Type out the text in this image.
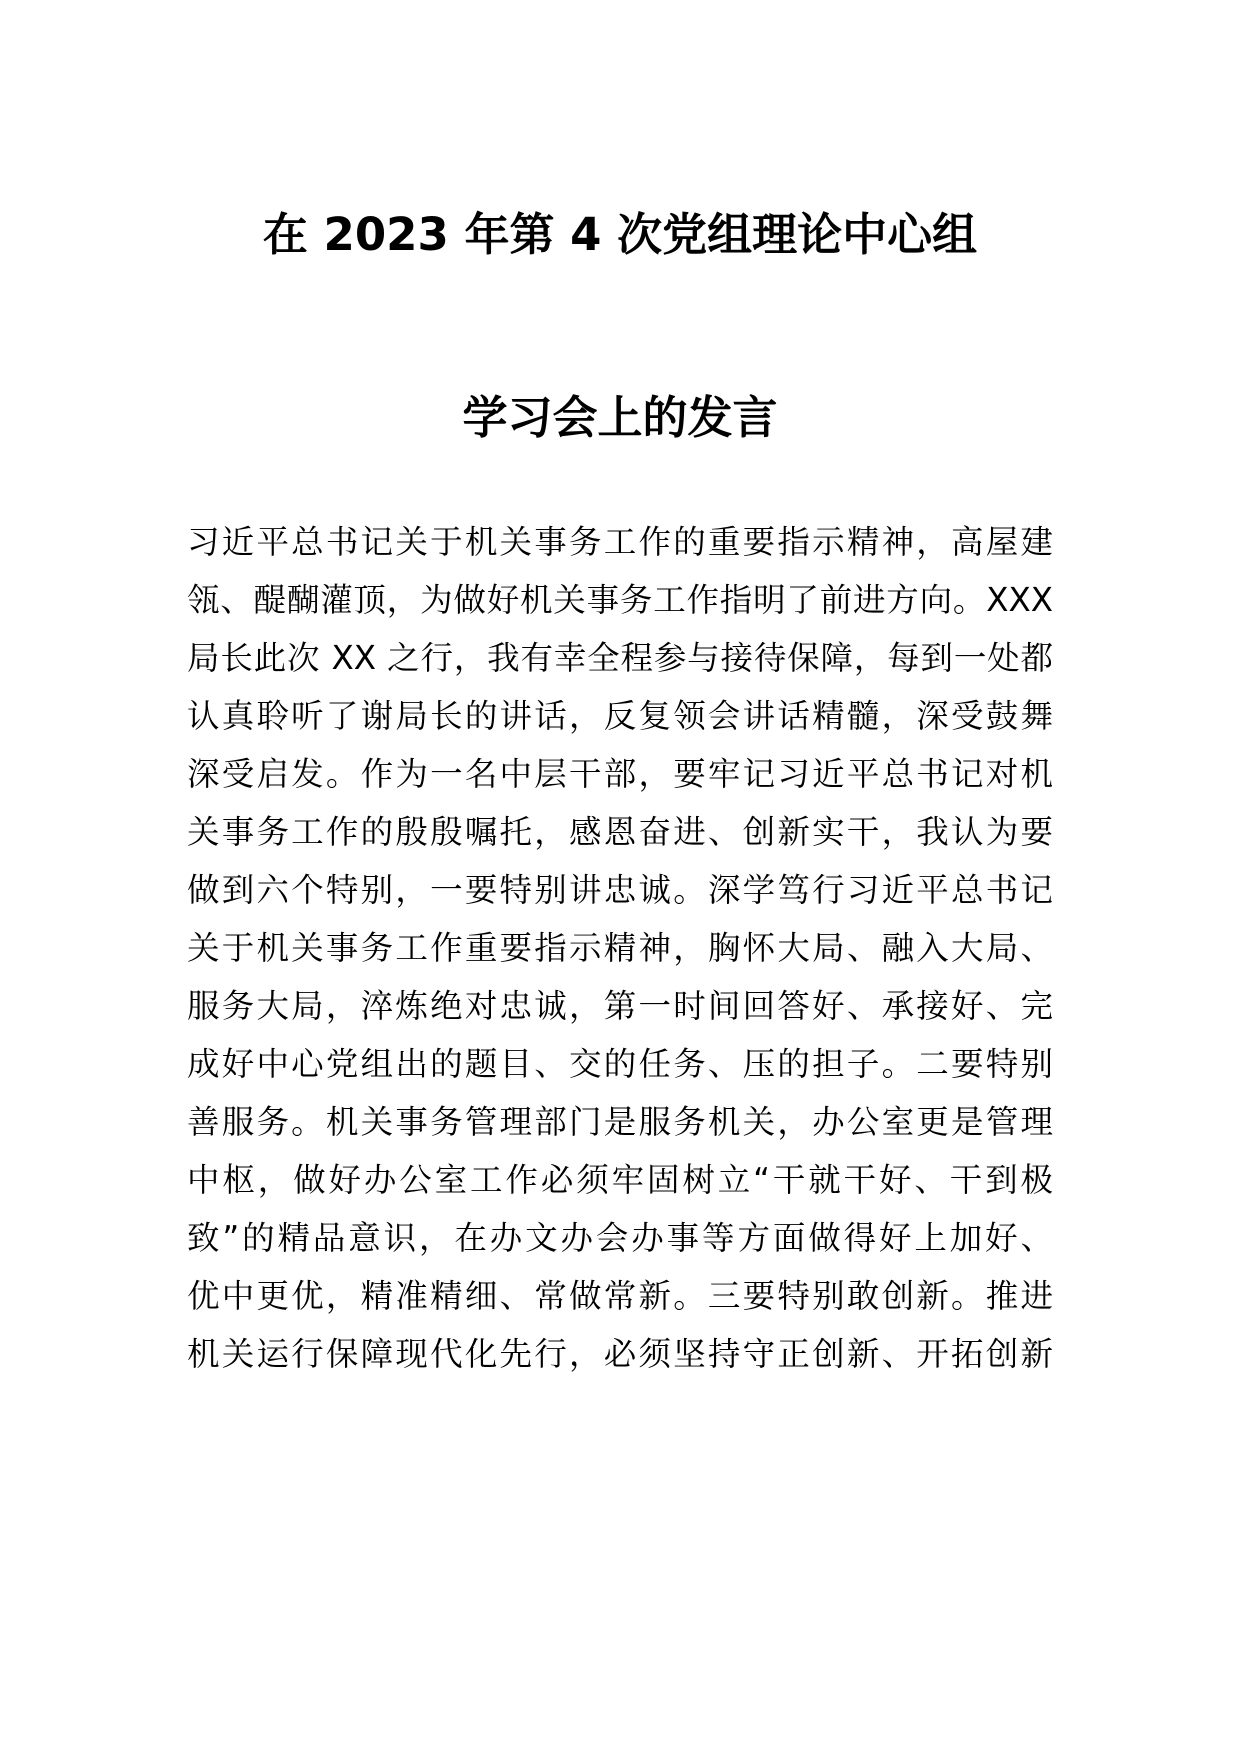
在 2023 年第 4 次党组理论中心组
学习会上的发言
习近平总书记关于机关事务工作的重要指示精神，高屋建
瓴、醍醐灌顶，为做好机关事务工作指明了前进方向。XXX
局长此次 XX 之行，我有幸全程参与接待保障，每到一处都
认真聆听了谢局长的讲话，反复领会讲话精髓，深受鼓舞
深受启发。作为一名中层干部，要牢记习近平总书记对机
关事务工作的殷殷嘱托，感恩奋进、创新实干，我认为要
做到六个特别，一要特别讲忠诚。深学笃行习近平总书记
关于机关事务工作重要指示精神，胸怀大局、融入大局、
服务大局，淬炼绝对忠诚，第一时间回答好、承接好、完
成好中心党组出的题目、交的任务、压的担子。二要特别
善服务。机关事务管理部门是服务机关，办公室更是管理
中枢，做好办公室工作必须牢固树立“干就干好、干到极
致”的精品意识，在办文办会办事等方面做得好上加好、
优中更优，精准精细、常做常新。三要特别敢创新。推进
机关运行保障现代化先行，必须坚持守正创新、开拓创新
